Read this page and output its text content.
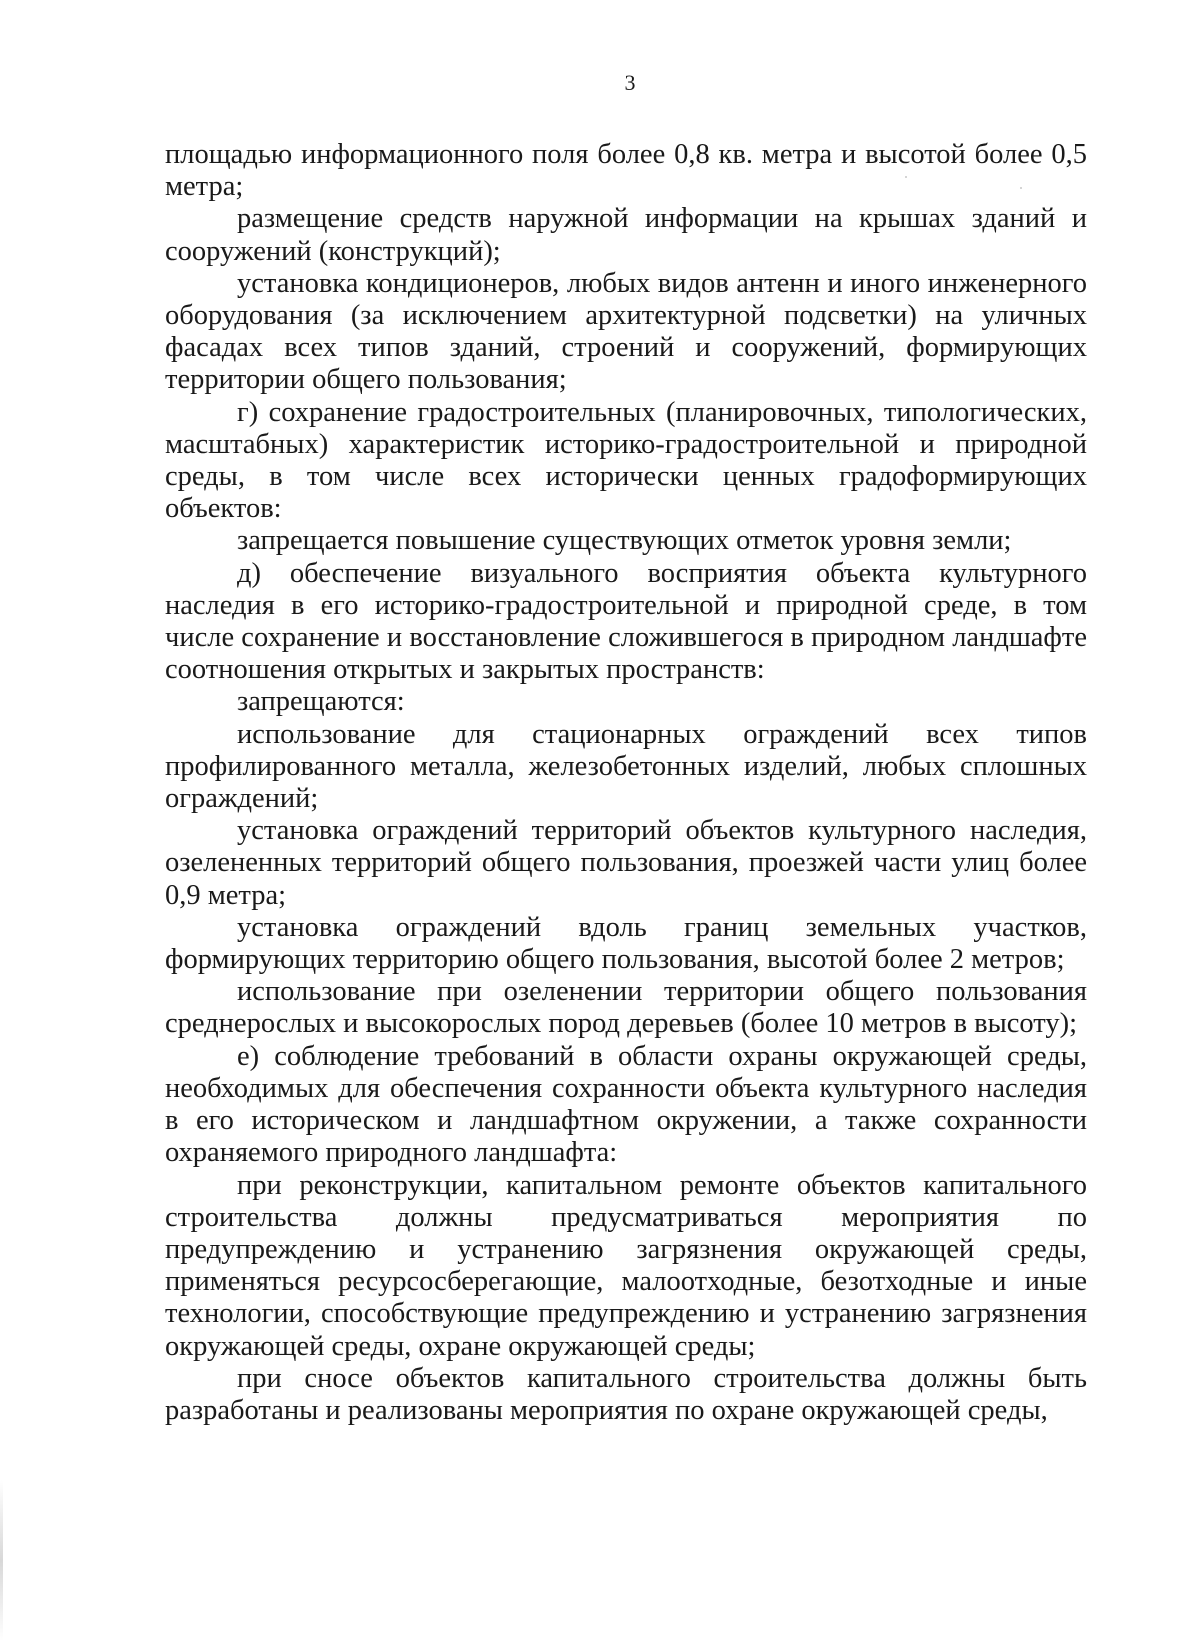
3

площадью информационного поля более 0,8 кв. метра и высотой более 0,5 метра;

размещение средств наружной информации на крышах зданий и сооружений (конструкций);

установка кондиционеров, любых видов антенн и иного инженерного оборудования (за исключением архитектурной подсветки) на уличных фасадах всех типов зданий, строений и сооружений, формирующих территории общего пользования;

г) сохранение градостроительных (планировочных, типологических, масштабных) характеристик историко-градостроительной и природной среды, в том числе всех исторически ценных градоформирующих объектов:

запрещается повышение существующих отметок уровня земли;

д) обеспечение визуального восприятия объекта культурного наследия в его историко-градостроительной и природной среде, в том числе сохранение и восстановление сложившегося в природном ландшафте соотношения открытых и закрытых пространств:

запрещаются:

использование для стационарных ограждений всех типов профилированного металла, железобетонных изделий, любых сплошных ограждений;

установка ограждений территорий объектов культурного наследия, озелененных территорий общего пользования, проезжей части улиц более 0,9 метра;

установка ограждений вдоль границ земельных участков, формирующих территорию общего пользования, высотой более 2 метров;

использование при озеленении территории общего пользования среднерослых и высокорослых пород деревьев (более 10 метров в высоту);

е) соблюдение требований в области охраны окружающей среды, необходимых для обеспечения сохранности объекта культурного наследия в его историческом и ландшафтном окружении, а также сохранности охраняемого природного ландшафта:

при реконструкции, капитальном ремонте объектов капитального строительства должны предусматриваться мероприятия по предупреждению и устранению загрязнения окружающей среды, применяться ресурсосберегающие, малоотходные, безотходные и иные технологии, способствующие предупреждению и устранению загрязнения окружающей среды, охране окружающей среды;

при сносе объектов капитального строительства должны быть разработаны и реализованы мероприятия по охране окружающей среды,
